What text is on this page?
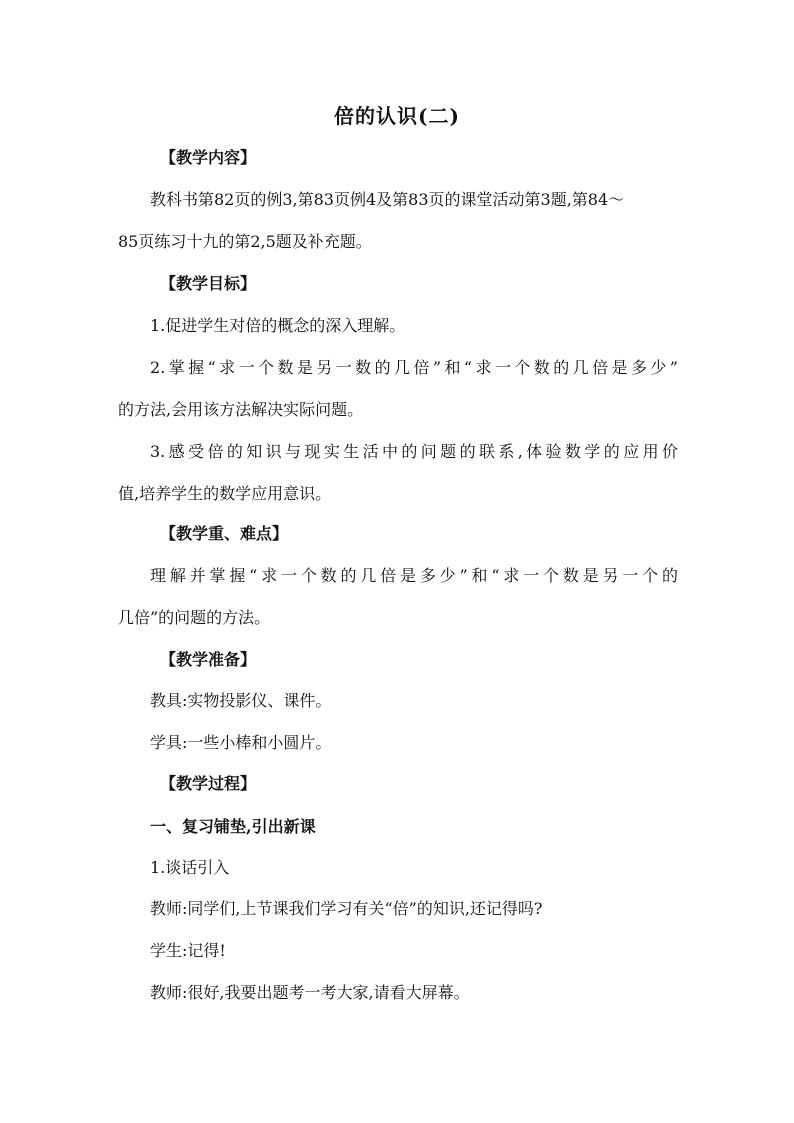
倍的认识(二)
【教学内容】
教科书第82页的例3,第83页例4及第83页的课堂活动第3题,第84～
85页练习十九的第2,5题及补充题。
【教学目标】
1.促进学生对倍的概念的深入理解。
2.掌握“求一个数是另一数的几倍”和“求一个数的几倍是多少”
的方法,会用该方法解决实际问题。
3.感受倍的知识与现实生活中的问题的联系,体验数学的应用价
值,培养学生的数学应用意识。
【教学重、难点】
理解并掌握“求一个数的几倍是多少”和“求一个数是另一个的
几倍”的问题的方法。
【教学准备】
教具:实物投影仪、课件。
学具:一些小棒和小圆片。
【教学过程】
一、复习铺垫,引出新课
1.谈话引入
教师:同学们,上节课我们学习有关“倍”的知识,还记得吗?
学生:记得!
教师:很好,我要出题考一考大家,请看大屏幕。
